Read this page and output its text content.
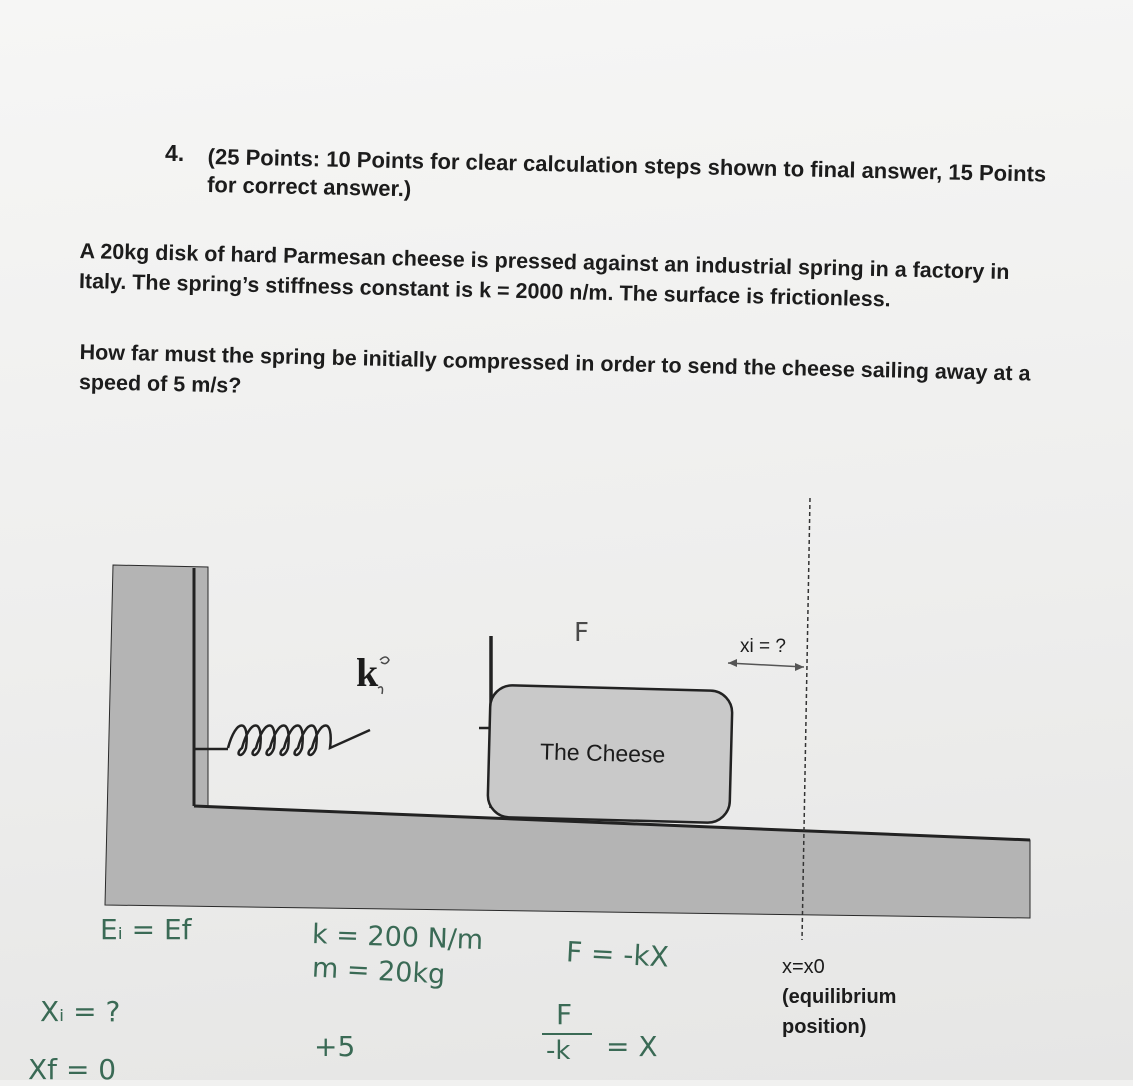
4. (25 Points: 10 Points for clear calculation steps shown to final answer, 15 Points for correct answer.)
A 20kg disk of hard Parmesan cheese is pressed against an industrial spring in a factory in Italy. The spring’s stiffness constant is k = 2000 n/m. The surface is frictionless.
How far must the spring be initially compressed in order to send the cheese sailing away at a speed of 5 m/s?
k
The Cheese
xi = ?
F
x=x0
(equilibrium
position)
Eᵢ = Ef
Xᵢ = ?
Xf = 0
k = 200 N/m
m = 20kg
+5
F = -kX
F
-k = X
